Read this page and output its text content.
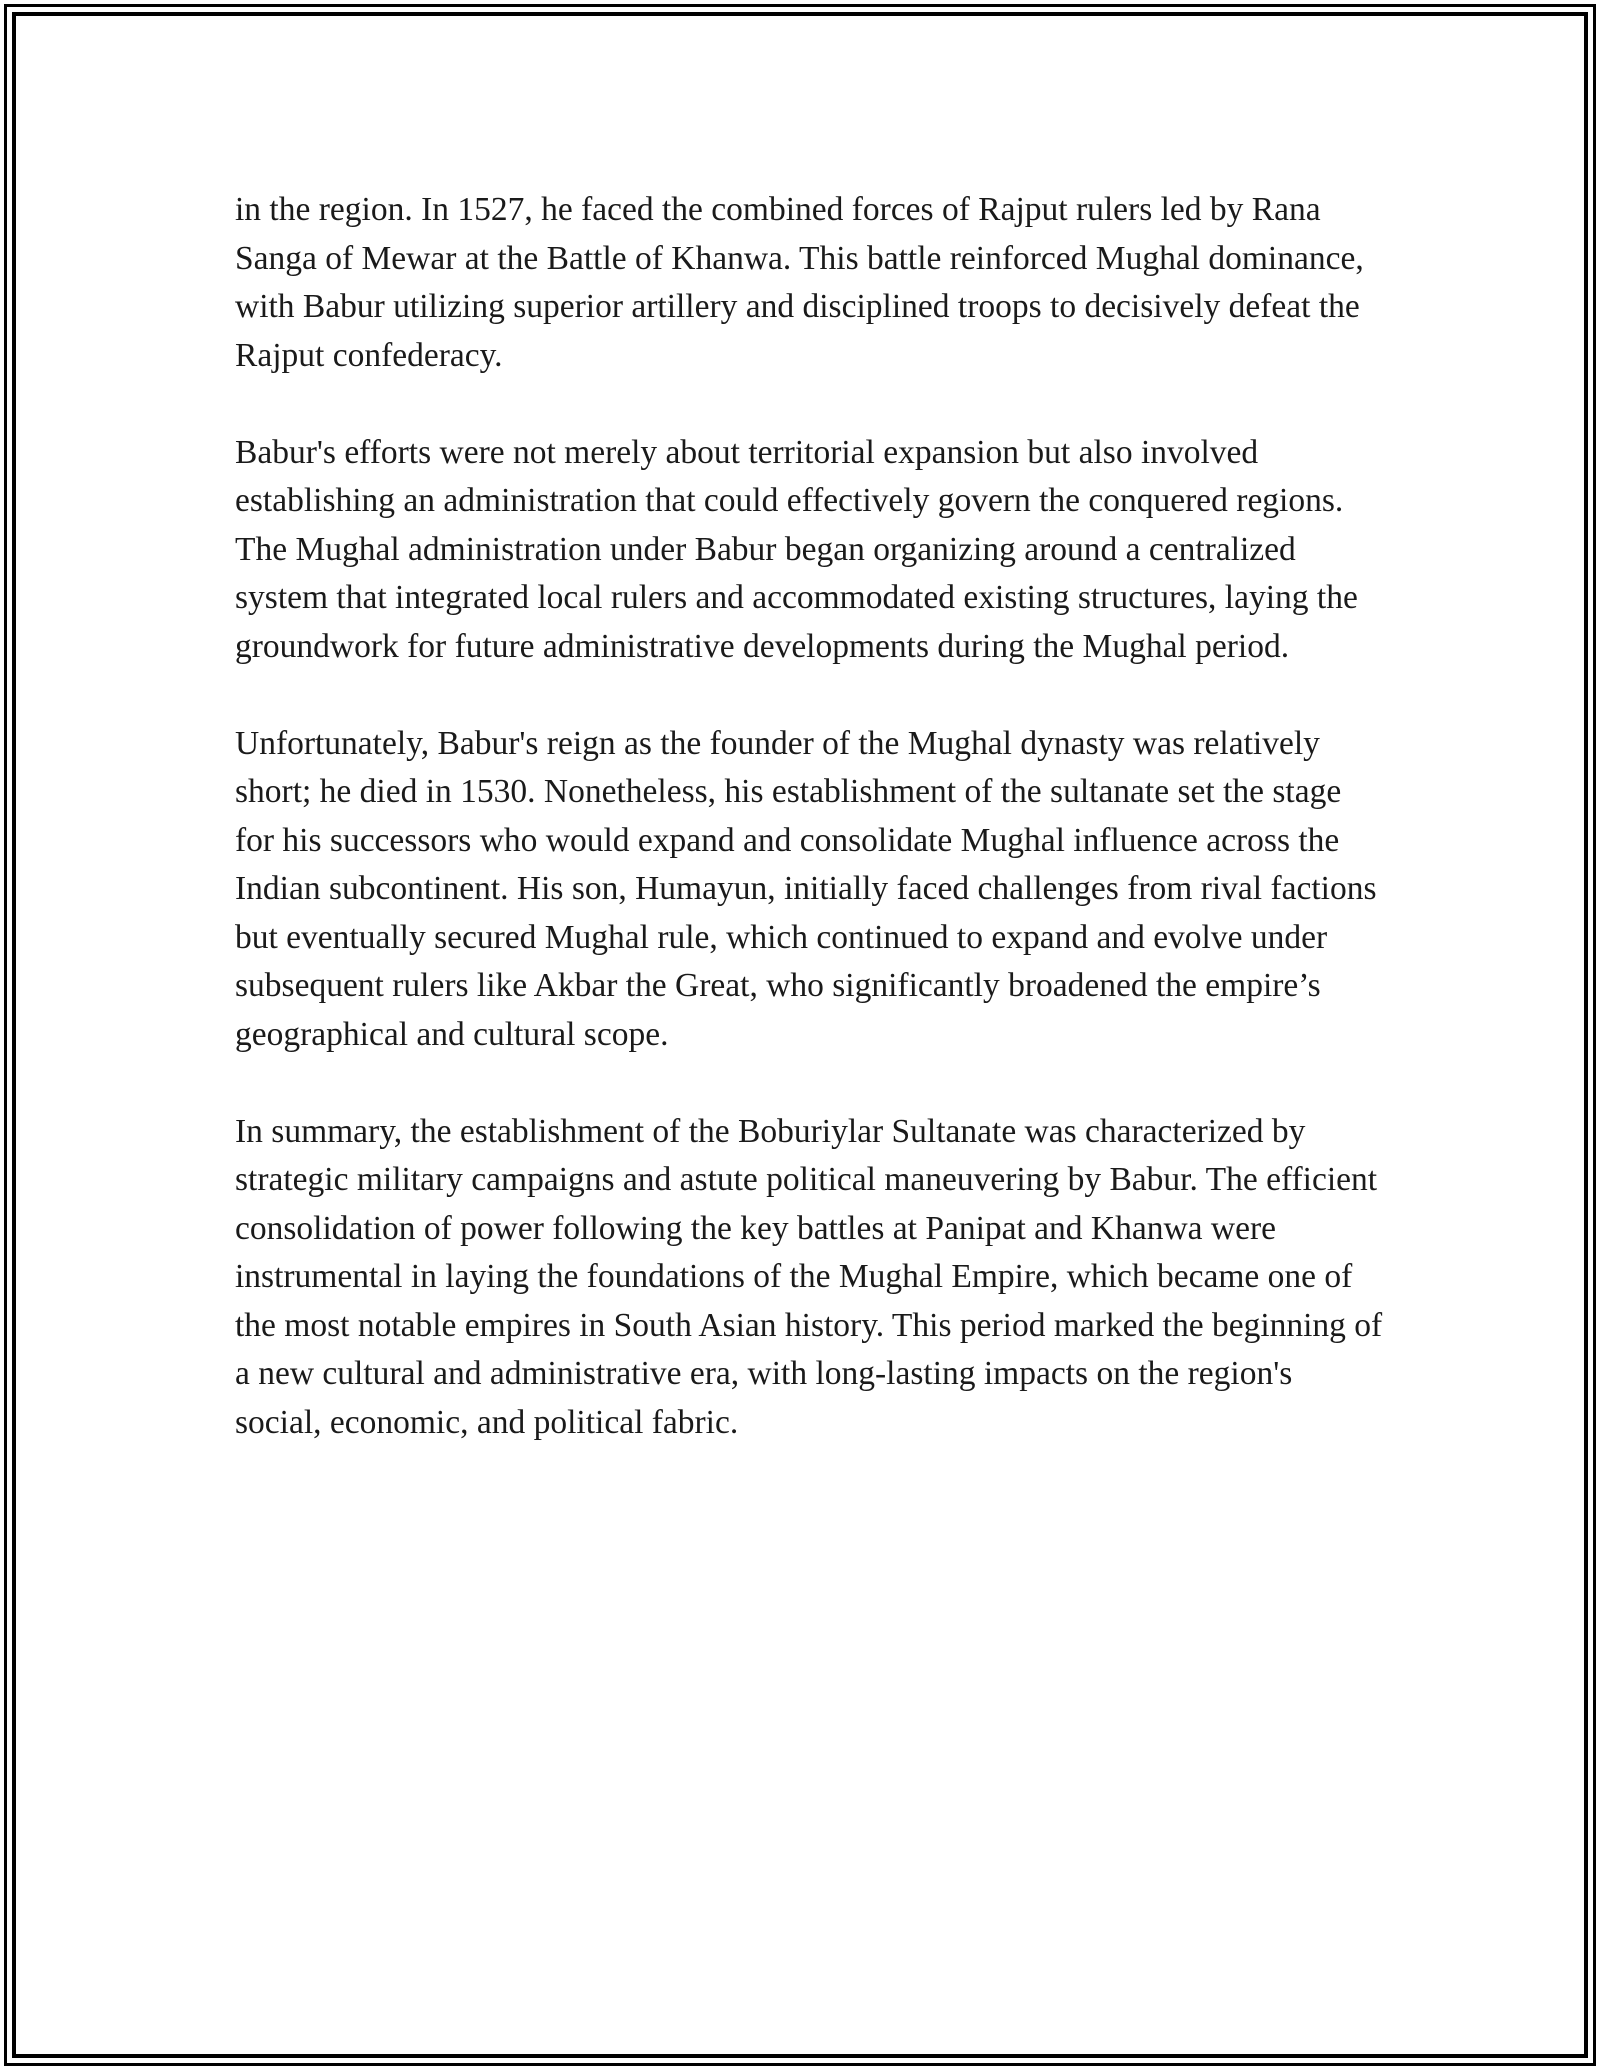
in the region. In 1527, he faced the combined forces of Rajput rulers led by Rana Sanga of Mewar at the Battle of Khanwa. This battle reinforced Mughal dominance, with Babur utilizing superior artillery and disciplined troops to decisively defeat the Rajput confederacy.

Babur's efforts were not merely about territorial expansion but also involved establishing an administration that could effectively govern the conquered regions. The Mughal administration under Babur began organizing around a centralized system that integrated local rulers and accommodated existing structures, laying the groundwork for future administrative developments during the Mughal period.

Unfortunately, Babur's reign as the founder of the Mughal dynasty was relatively short; he died in 1530. Nonetheless, his establishment of the sultanate set the stage for his successors who would expand and consolidate Mughal influence across the Indian subcontinent. His son, Humayun, initially faced challenges from rival factions but eventually secured Mughal rule, which continued to expand and evolve under subsequent rulers like Akbar the Great, who significantly broadened the empire’s geographical and cultural scope.

In summary, the establishment of the Boburiylar Sultanate was characterized by strategic military campaigns and astute political maneuvering by Babur. The efficient consolidation of power following the key battles at Panipat and Khanwa were instrumental in laying the foundations of the Mughal Empire, which became one of the most notable empires in South Asian history. This period marked the beginning of a new cultural and administrative era, with long-lasting impacts on the region's social, economic, and political fabric.
